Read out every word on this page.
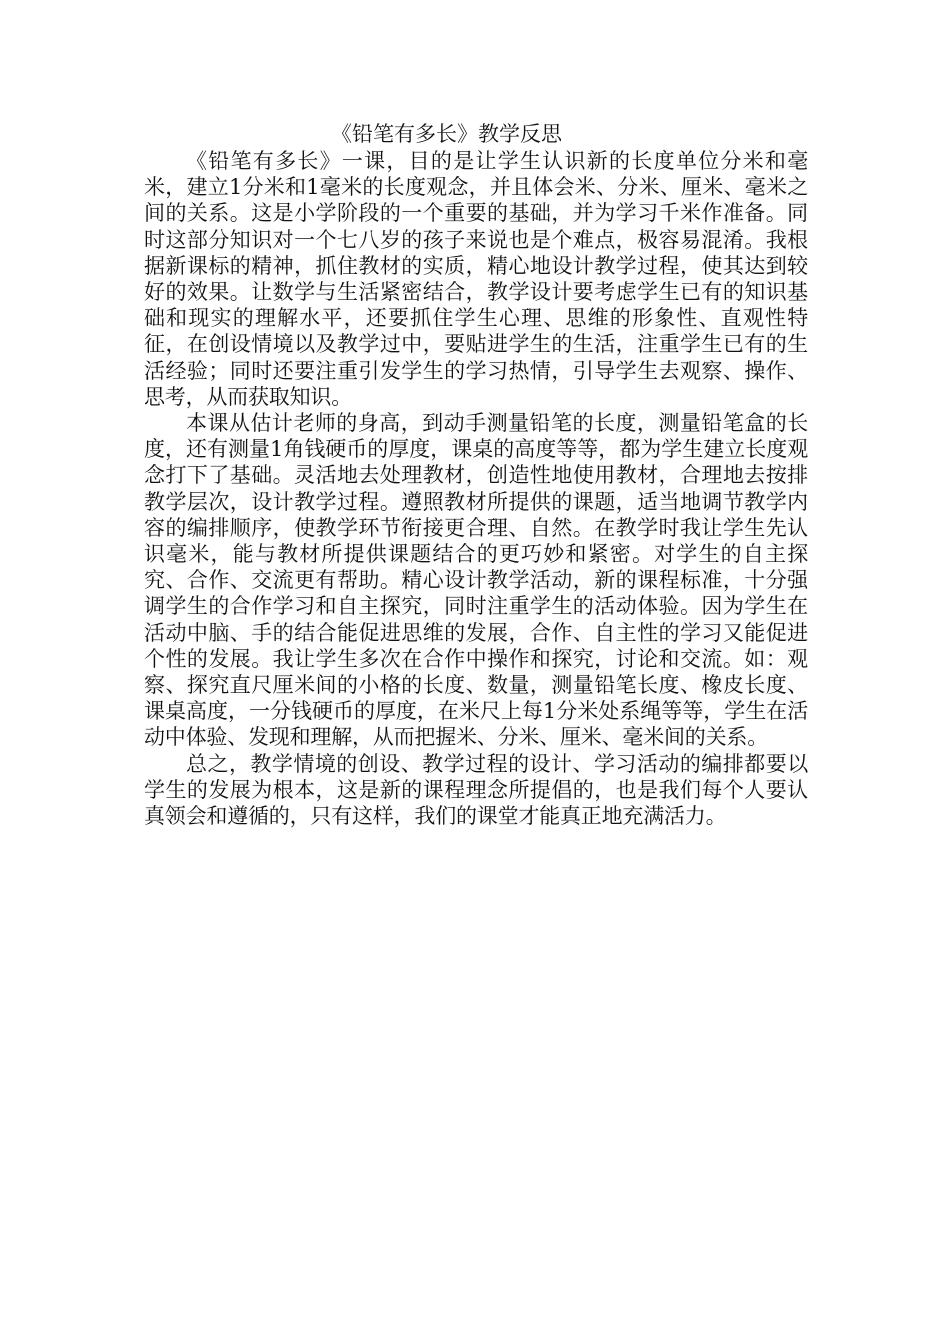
《铅笔有多长》教学反思

《铅笔有多长》一课，目的是让学生认识新的长度单位分米和毫米，建立1分米和1毫米的长度观念，并且体会米、分米、厘米、毫米之间的关系。这是小学阶段的一个重要的基础，并为学习千米作准备。同时这部分知识对一个七八岁的孩子来说也是个难点，极容易混淆。我根据新课标的精神，抓住教材的实质，精心地设计教学过程，使其达到较好的效果。让数学与生活紧密结合，教学设计要考虑学生已有的知识基础和现实的理解水平，还要抓住学生心理、思维的形象性、直观性特征，在创设情境以及教学过中，要贴进学生的生活，注重学生已有的生活经验；同时还要注重引发学生的学习热情，引导学生去观察、操作、思考，从而获取知识。

本课从估计老师的身高，到动手测量铅笔的长度，测量铅笔盒的长度，还有测量1角钱硬币的厚度，课桌的高度等等，都为学生建立长度观念打下了基础。灵活地去处理教材，创造性地使用教材，合理地去按排教学层次，设计教学过程。遵照教材所提供的课题，适当地调节教学内容的编排顺序，使教学环节衔接更合理、自然。在教学时我让学生先认识毫米，能与教材所提供课题结合的更巧妙和紧密。对学生的自主探究、合作、交流更有帮助。精心设计教学活动，新的课程标准，十分强调学生的合作学习和自主探究，同时注重学生的活动体验。因为学生在活动中脑、手的结合能促进思维的发展，合作、自主性的学习又能促进个性的发展。我让学生多次在合作中操作和探究，讨论和交流。如：观察、探究直尺厘米间的小格的长度、数量，测量铅笔长度、橡皮长度、课桌高度，一分钱硬币的厚度，在米尺上每1分米处系绳等等，学生在活动中体验、发现和理解，从而把握米、分米、厘米、毫米间的关系。

总之，教学情境的创设、教学过程的设计、学习活动的编排都要以学生的发展为根本，这是新的课程理念所提倡的，也是我们每个人要认真领会和遵循的，只有这样，我们的课堂才能真正地充满活力。
